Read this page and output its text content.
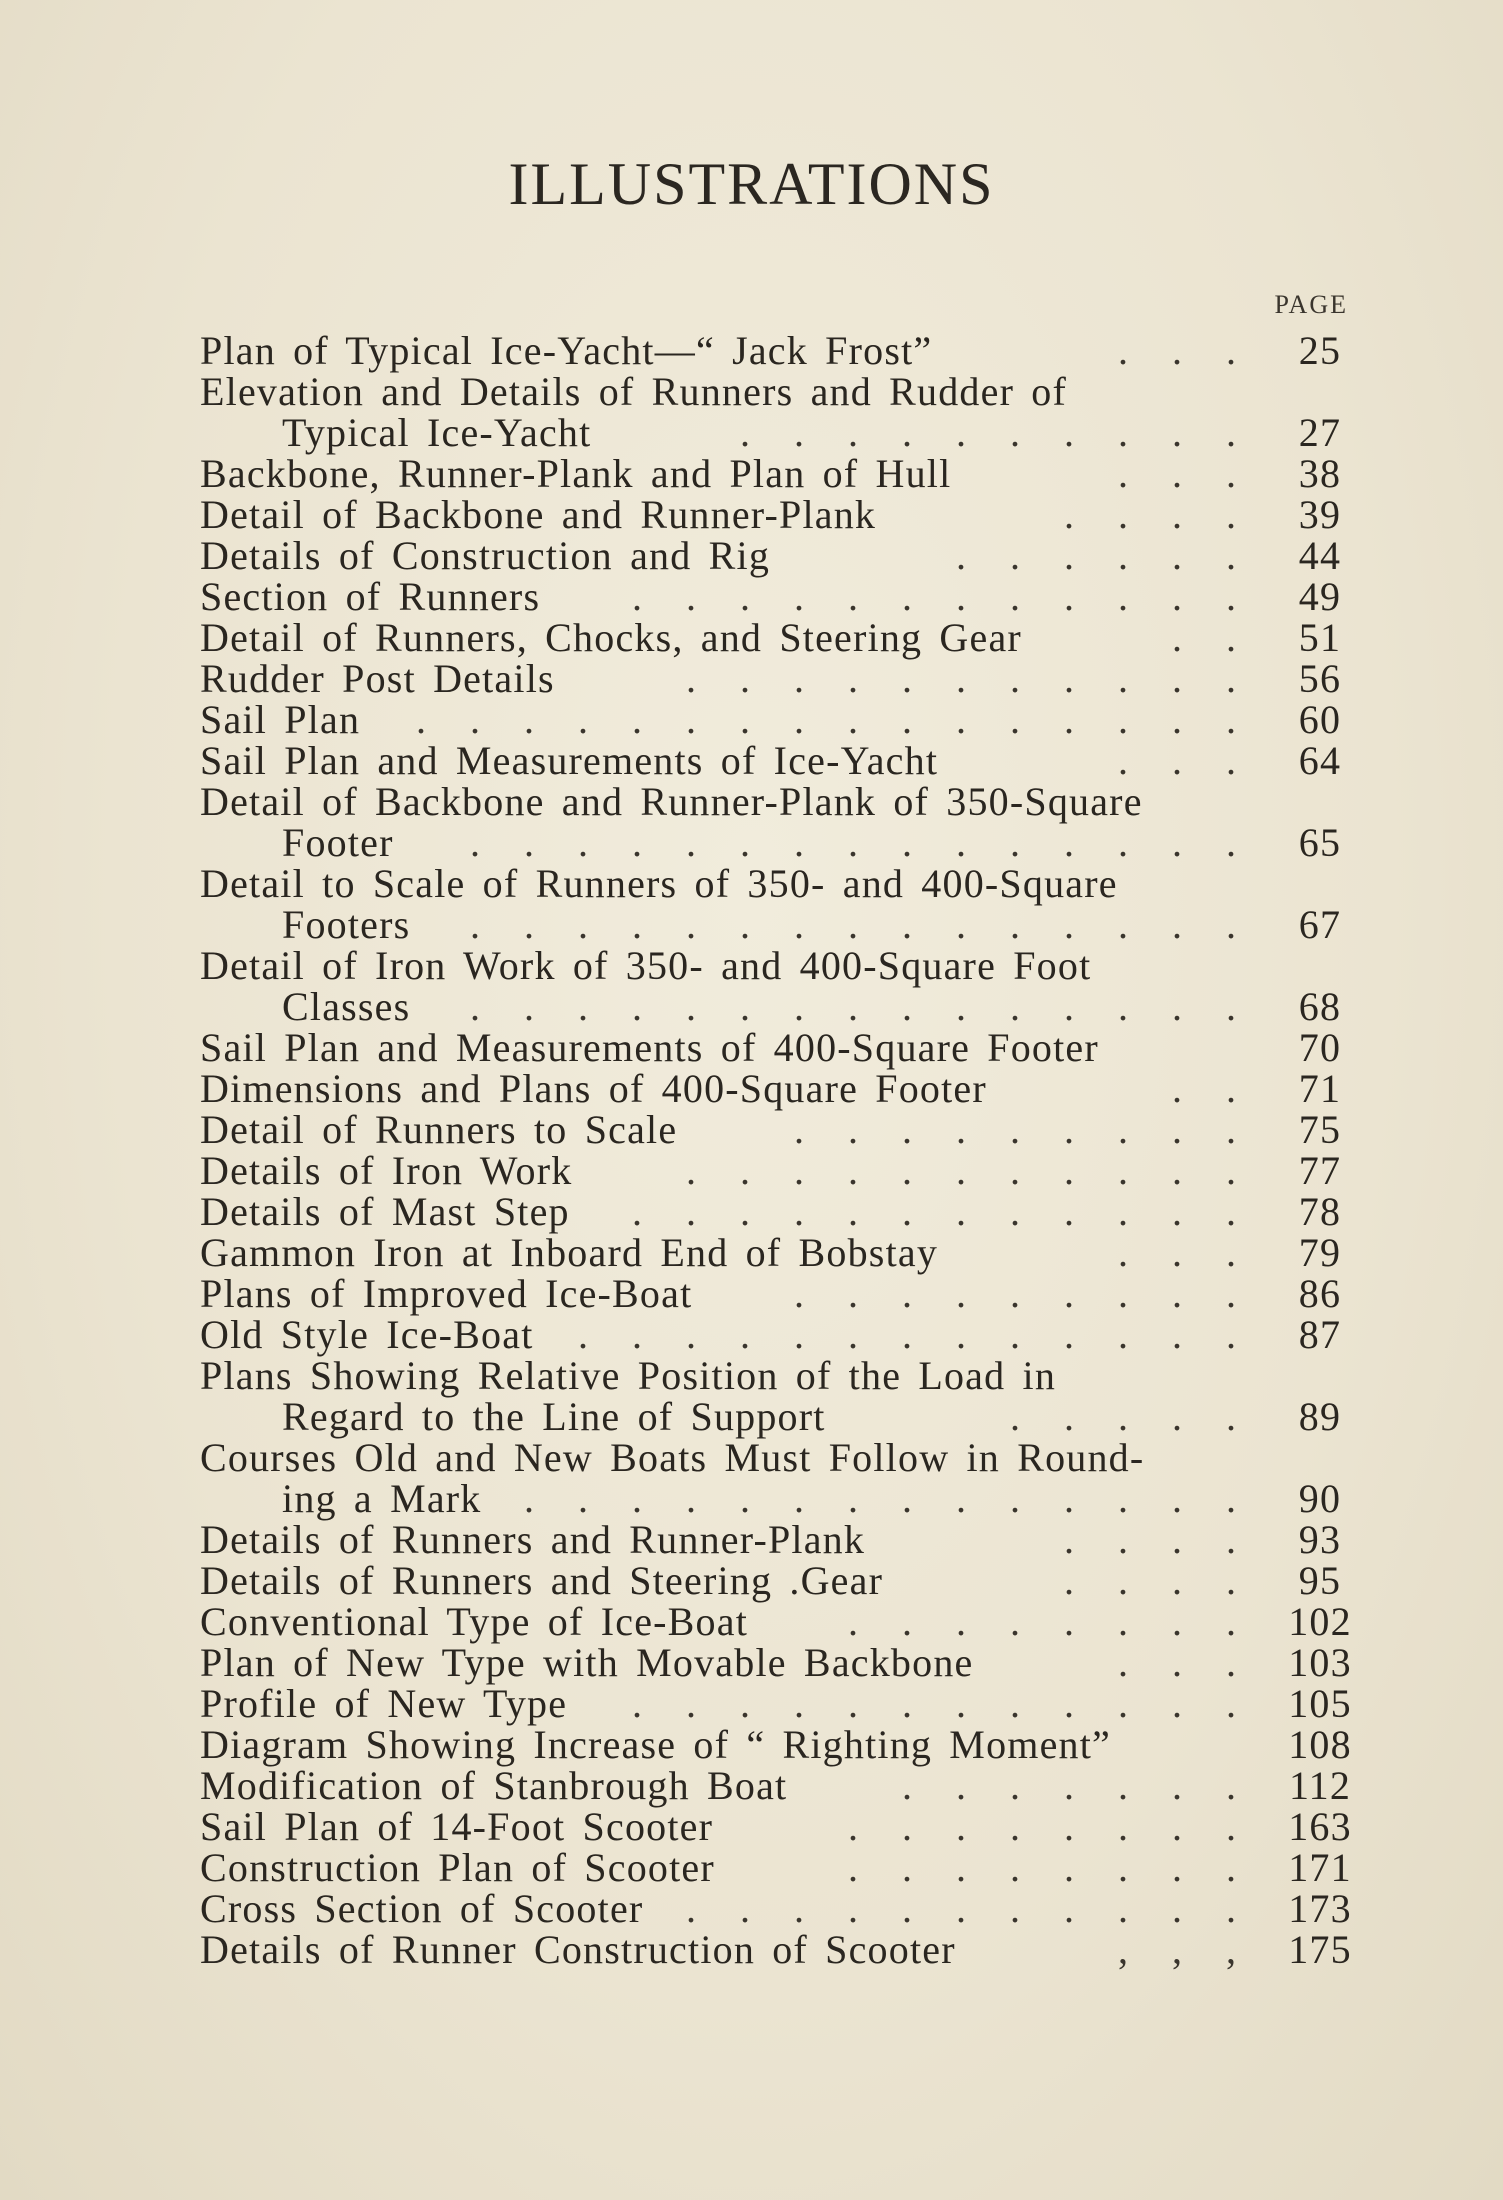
ILLUSTRATIONS
PAGE
Plan of Typical Ice-Yacht—“ Jack Frost”	. . .	25
Elevation and Details of Runners and Rudder of
Typical Ice-Yacht	. . . . . . . . . .	27
Backbone, Runner-Plank and Plan of Hull	. . .	38
Detail of Backbone and Runner-Plank	. . . .	39
Details of Construction and Rig	. . . . . .	44
Section of Runners . . . . . . . . . . . .	49
Detail of Runners, Chocks, and Steering Gear	. .	51
Rudder Post Details	. . . . . . . . . . .	56
Sail Plan . . . . . . . . . . . . . . . .	60
Sail Plan and Measurements of Ice-Yacht	. . .	64
Detail of Backbone and Runner-Plank of 350-Square
Footer . . . . . . . . . . . . . . .	65
Detail to Scale of Runners of 350- and 400-Square
Footers . . . . . . . . . . . . . . .	67
Detail of Iron Work of 350- and 400-Square Foot
Classes . . . . . . . . . . . . . . .	68
Sail Plan and Measurements of 400-Square Footer	70
Dimensions and Plans of 400-Square Footer	. .	71
Detail of Runners to Scale	. . . . . . . . .	75
Details of Iron Work	. . . . . . . . . . .	77
Details of Mast Step . . . . . . . . . . . .	78
Gammon Iron at Inboard End of Bobstay	. . .	79
Plans of Improved Ice-Boat	. . . . . . . . .	86
Old Style Ice-Boat . . . . . . . . . . . . .	87
Plans Showing Relative Position of the Load in
Regard to the Line of Support	. . . . .	89
Courses Old and New Boats Must Follow in Round-
ing a Mark . . . . . . . . . . . . . .	90
Details of Runners and Runner-Plank	. . . .	93
Details of Runners and Steering .Gear	. . . .	95
Conventional Type of Ice-Boat . . . . . . . . 102
Plan of New Type with Movable Backbone	. . . 103
Profile of New Type . . . . . . . . . . . . 105
Diagram Showing Increase of “ Righting Moment”	108
Modification of Stanbrough Boat	. . . . . . . 112
Sail Plan of 14-Foot Scooter	. . . . . . . . 163
Construction Plan of Scooter	. . . . . . . . 171
Cross Section of Scooter . . . . . . . . . . . 173
Details of Runner Construction of Scooter	, , , 175
